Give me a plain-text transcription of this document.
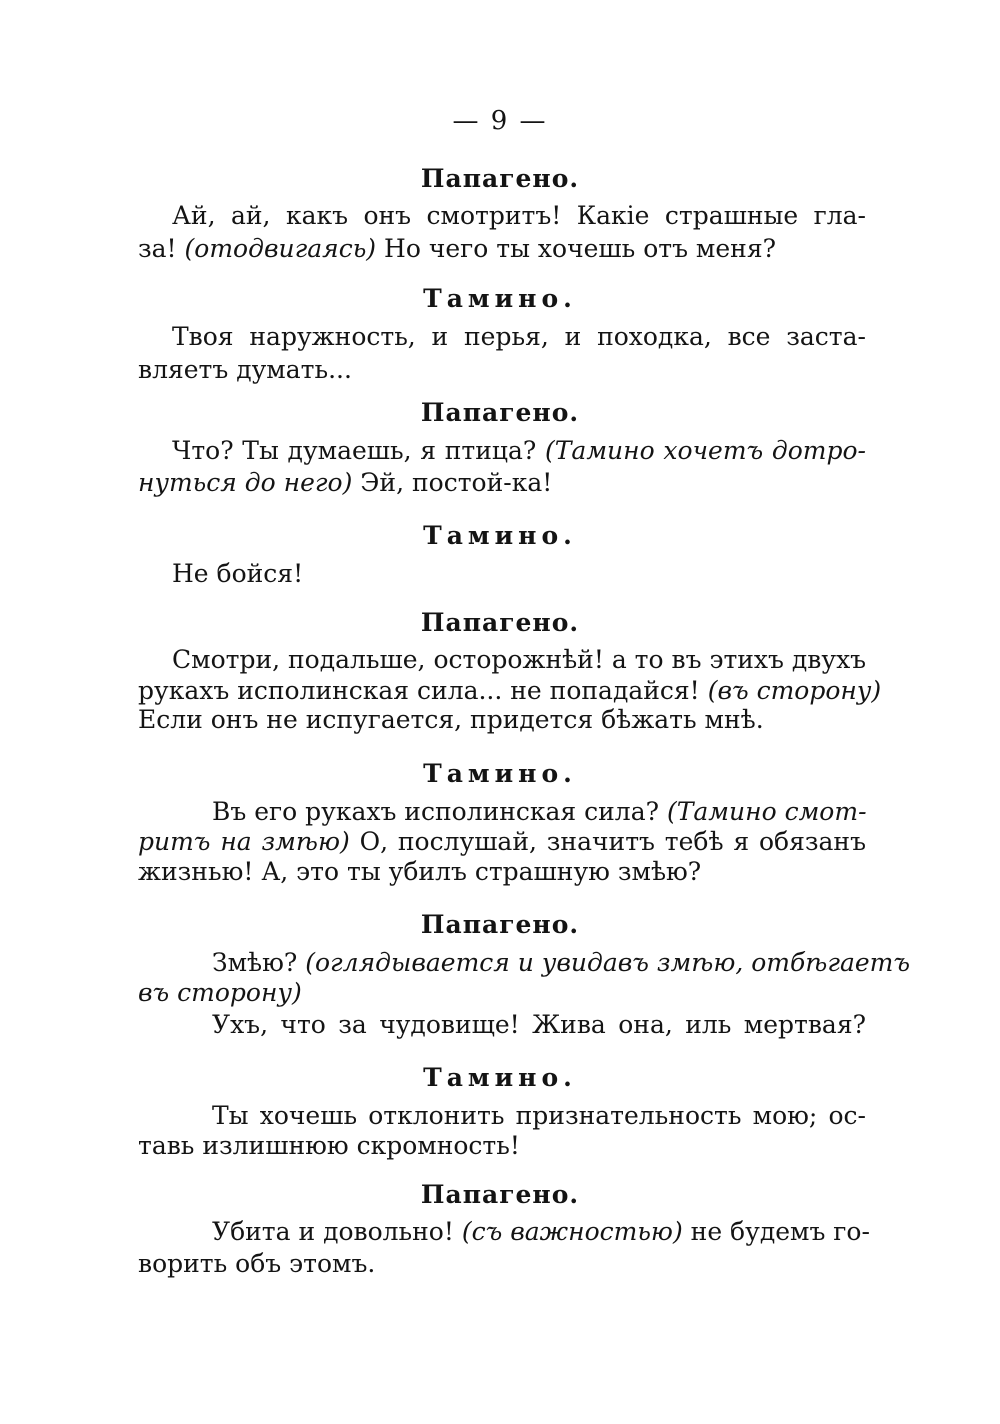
— 9 —
Папагено.
Ай, ай, какъ онъ смотритъ! Какіе страшные гла-
за! (отодвигаясь) Но чего ты хочешь отъ меня?
Тамино.
Твоя наружность, и перья, и походка, все заста-
вляетъ думать...
Папагено.
Что? Ты думаешь, я птица? (Тамино хочетъ дотро-
нуться до него) Эй, постой-ка!
Тамино.
Не бойся!
Папагено.
Смотри, подальше, осторожнѣй! а то въ этихъ двухъ
рукахъ исполинская сила... не попадайся! (въ сторону)
Если онъ не испугается, придется бѣжать мнѣ.
Тамино.
Въ его рукахъ исполинская сила? (Тамино смот-
ритъ на змѣю) О, послушай, значитъ тебѣ я обязанъ
жизнью! А, это ты убилъ страшную змѣю?
Папагено.
Змѣю? (оглядывается и увидавъ змѣю, отбѣгаетъ
въ сторону)
Ухъ, что за чудовище! Жива она, иль мертвая?
Тамино.
Ты хочешь отклонить признательность мою; ос-
тавь излишнюю скромность!
Папагено.
Убита и довольно! (съ важностью) не будемъ го-
ворить объ этомъ.
